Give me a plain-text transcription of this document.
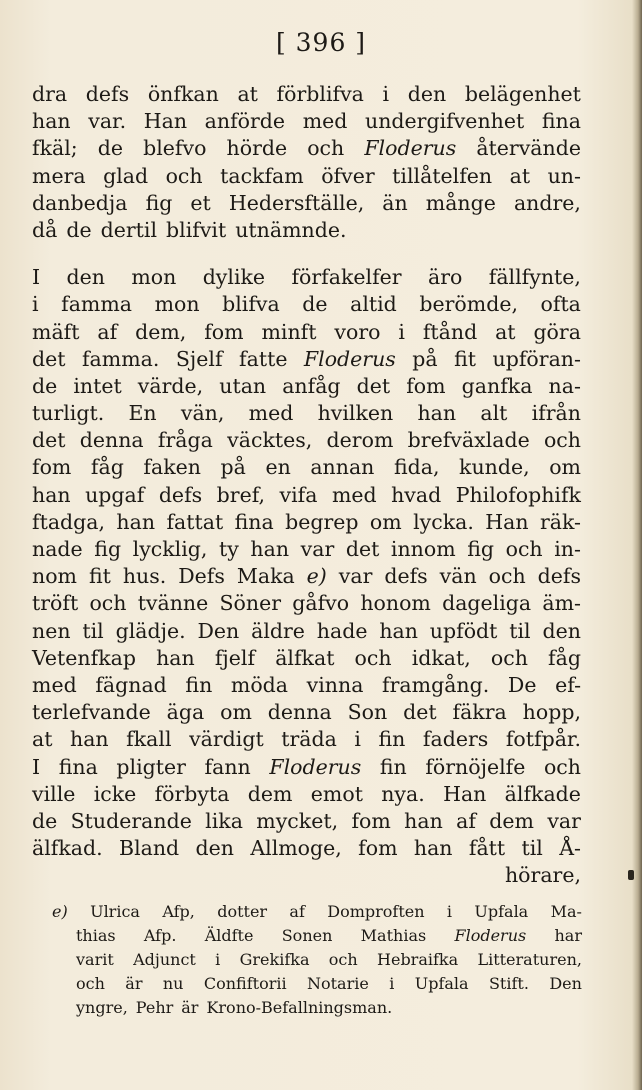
[ 396 ]
dra defs önfkan at förblifva i den belägenhet
han var. Han anförde med undergifvenhet fina
fkäl; de blefvo hörde och Floderus återvände
mera glad och tackfam öfver tillåtelfen at un-
danbedja fig et Hedersftälle, än månge andre,
då de dertil blifvit utnämnde.
I den mon dylike förfakelfer äro fällfynte,
i famma mon blifva de altid berömde, ofta
mäft af dem, fom minft voro i ftånd at göra
det famma. Sjelf fatte Floderus på fit upföran-
de intet värde, utan anfåg det fom ganfka na-
turligt. En vän, med hvilken han alt ifrån
det denna fråga väcktes, derom brefväxlade och
fom fåg faken på en annan fida, kunde, om
han upgaf defs bref, vifa med hvad Philofophifk
ftadga, han fattat fina begrep om lycka. Han räk-
nade fig lycklig, ty han var det innom fig och in-
nom fit hus. Defs Maka e) var defs vän och defs
tröft och tvänne Söner gåfvo honom dageliga äm-
nen til glädje. Den äldre hade han upfödt til den
Vetenfkap han fjelf älfkat och idkat, och fåg
med fägnad fin möda vinna framgång. De ef-
terlefvande äga om denna Son det fäkra hopp,
at han fkall värdigt träda i fin faders fotfpår.
I fina pligter fann Floderus fin förnöjelfe och
ville icke förbyta dem emot nya. Han älfkade
de Studerande lika mycket, fom han af dem var
älfkad. Bland den Allmoge, fom han fått til Å-
hörare,
e) Ulrica Afp, dotter af Domproften i Upfala Ma-
thias Afp. Äldfte Sonen Mathias Floderus har
varit Adjunct i Grekifka och Hebraifka Litteraturen,
och är nu Confiftorii Notarie i Upfala Stift. Den
yngre, Pehr är Krono-Befallningsman.
